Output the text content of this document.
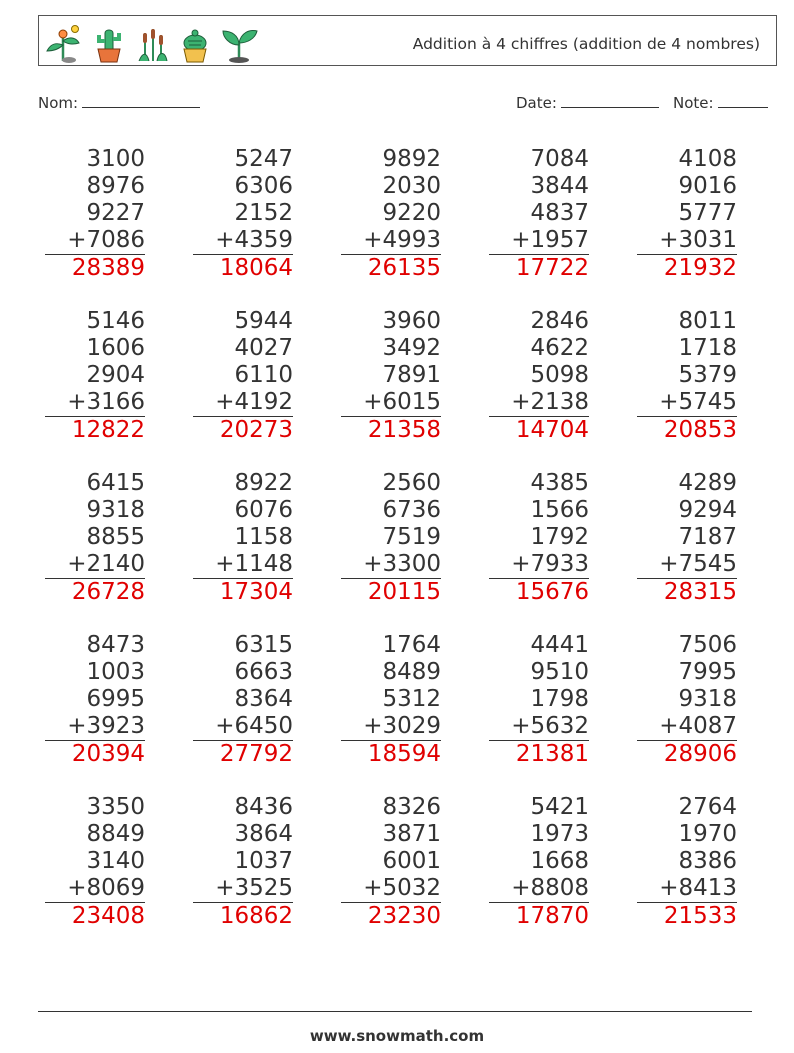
Addition à 4 chiffres (addition de 4 nombres)
Nom:	Date:	Note:
3100
8976
9227
+7086
28389
5247
6306
2152
+4359
18064
9892
2030
9220
+4993
26135
7084
3844
4837
+1957
17722
4108
9016
5777
+3031
21932
5146
1606
2904
+3166
12822
5944
4027
6110
+4192
20273
3960
3492
7891
+6015
21358
2846
4622
5098
+2138
14704
8011
1718
5379
+5745
20853
6415
9318
8855
+2140
26728
8922
6076
1158
+1148
17304
2560
6736
7519
+3300
20115
4385
1566
1792
+7933
15676
4289
9294
7187
+7545
28315
8473
1003
6995
+3923
20394
6315
6663
8364
+6450
27792
1764
8489
5312
+3029
18594
4441
9510
1798
+5632
21381
7506
7995
9318
+4087
28906
3350
8849
3140
+8069
23408
8436
3864
1037
+3525
16862
8326
3871
6001
+5032
23230
5421
1973
1668
+8808
17870
2764
1970
8386
+8413
21533
www.snowmath.com
